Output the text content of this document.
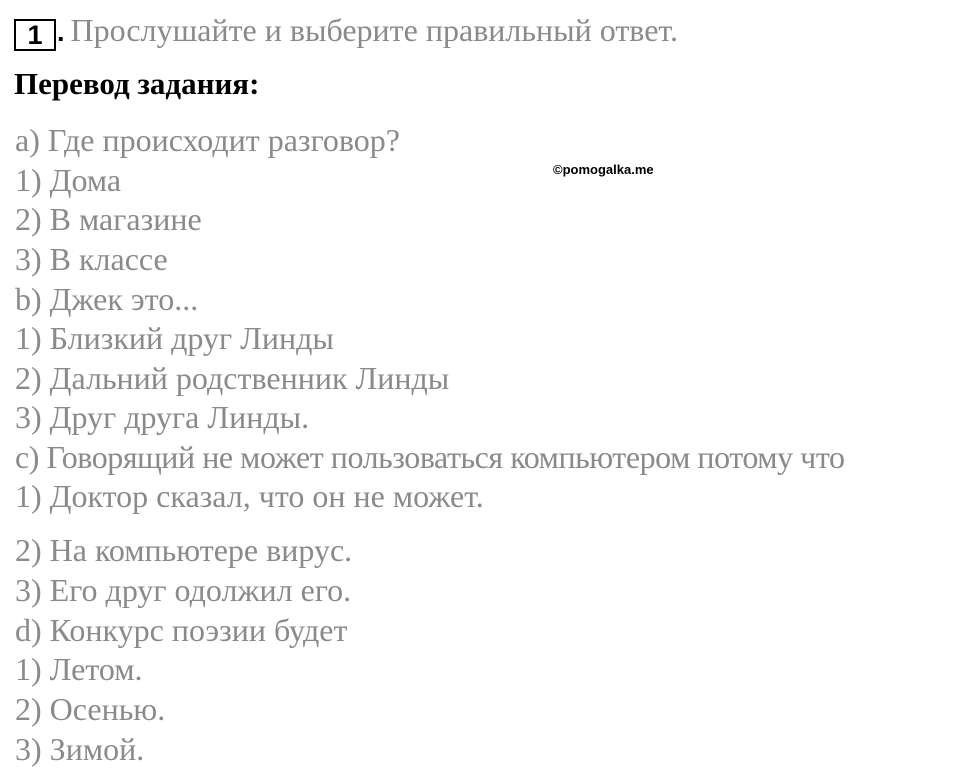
1 . Прослушайте и выберите правильный ответ.
Перевод задания:
©pomogalka.me
a) Где происходит разговор?
1) Дома
2) В магазине
3) В классе
b) Джек это...
1) Близкий друг Линды
2) Дальний родственник Линды
3) Друг друга Линды.
c) Говорящий не может пользоваться компьютером потому что
1) Доктор сказал, что он не может.
2) На компьютере вирус.
3) Его друг одолжил его.
d) Конкурс поэзии будет
1) Летом.
2) Осенью.
3) Зимой.
